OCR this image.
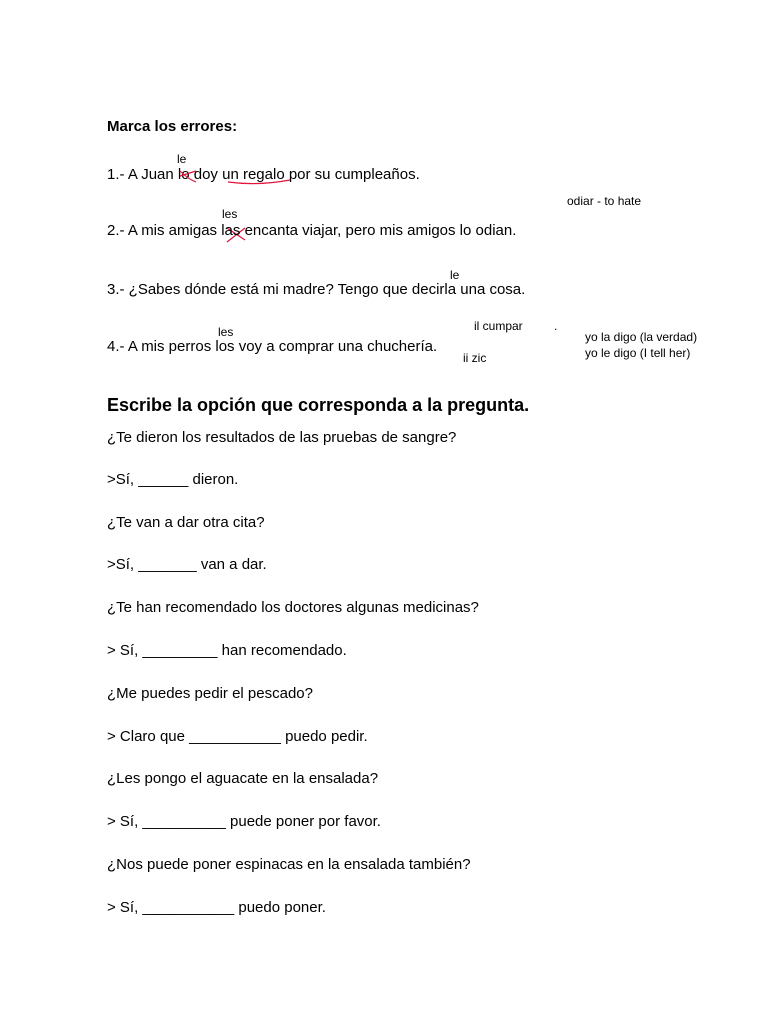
Marca los errores:
le
1.- A Juan lo doy un regalo por su cumpleaños.
odiar - to hate
les
2.- A mis amigas las encanta viajar, pero mis amigos lo odian.
le
3.- ¿Sabes dónde está mi madre? Tengo que decirla una cosa.
il cumpar	.
les	yo la digo (la verdad)
4.- A mis perros los voy a comprar una chuchería.	yo le digo (I tell her)
ii zic
Escribe la opción que corresponda a la pregunta.
¿Te dieron los resultados de las pruebas de sangre?
>Sí, ______ dieron.
¿Te van a dar otra cita?
>Sí, _______ van a dar.
¿Te han recomendado los doctores algunas medicinas?
> Sí, _________ han recomendado.
¿Me puedes pedir el pescado?
> Claro que ___________ puedo pedir.
¿Les pongo el aguacate en la ensalada?
> Sí, __________ puede poner por favor.
¿Nos puede poner espinacas en la ensalada también?
> Sí, ___________ puedo poner.
